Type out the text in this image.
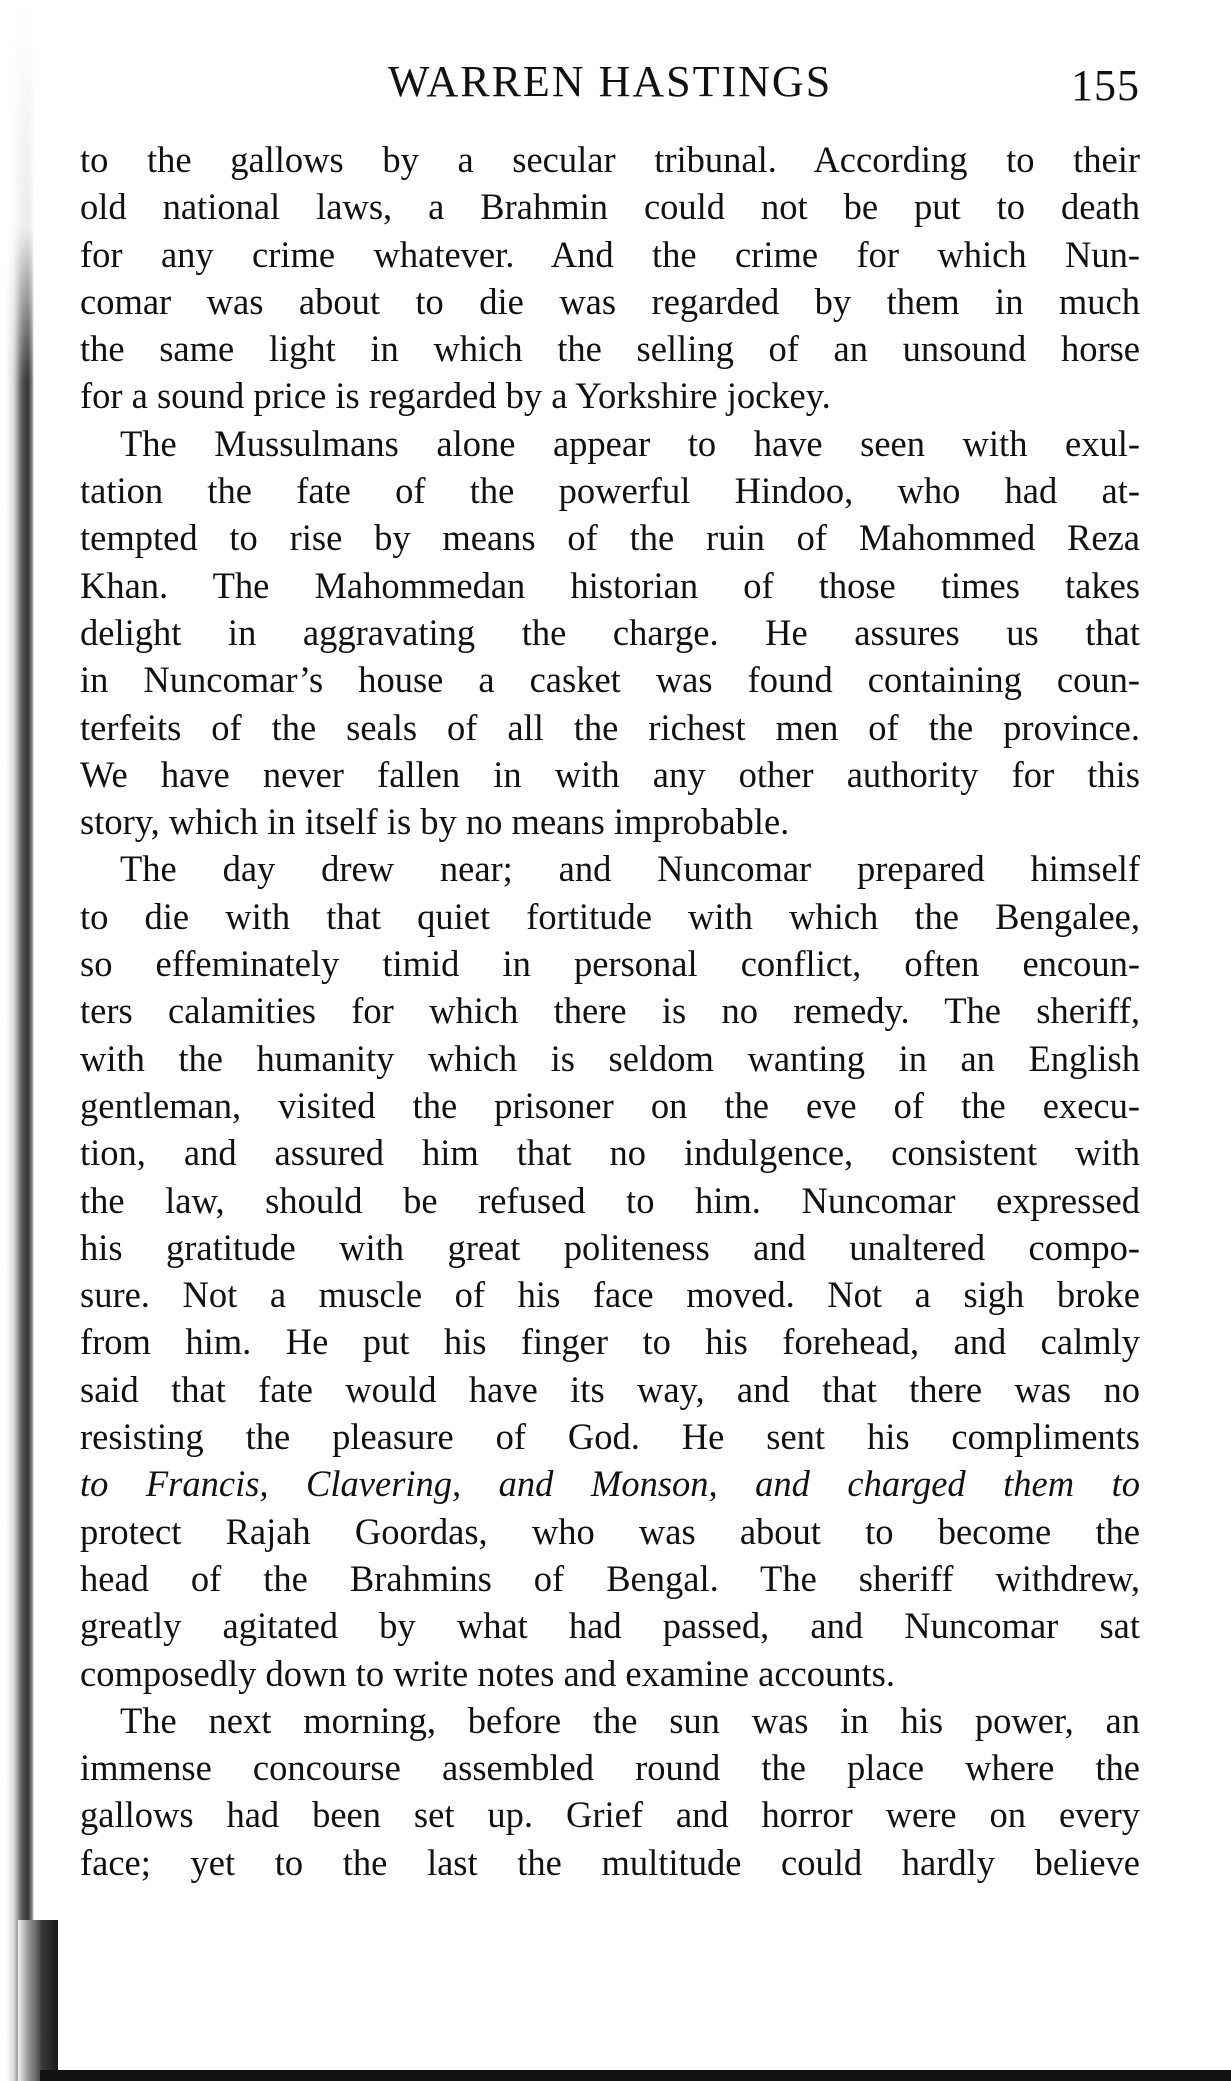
WARREN HASTINGS	155
to the gallows by a secular tribunal. According to their
old national laws, a Brahmin could not be put to death
for any crime whatever. And the crime for which Nun-
comar was about to die was regarded by them in much
the same light in which the selling of an unsound horse
for a sound price is regarded by a Yorkshire jockey.
The Mussulmans alone appear to have seen with exul-
tation the fate of the powerful Hindoo, who had at-
tempted to rise by means of the ruin of Mahommed Reza
Khan. The Mahommedan historian of those times takes
delight in aggravating the charge. He assures us that
in Nuncomar’s house a casket was found containing coun-
terfeits of the seals of all the richest men of the province.
We have never fallen in with any other authority for this
story, which in itself is by no means improbable.
The day drew near; and Nuncomar prepared himself
to die with that quiet fortitude with which the Bengalee,
so effeminately timid in personal conflict, often encoun-
ters calamities for which there is no remedy. The sheriff,
with the humanity which is seldom wanting in an English
gentleman, visited the prisoner on the eve of the execu-
tion, and assured him that no indulgence, consistent with
the law, should be refused to him. Nuncomar expressed
his gratitude with great politeness and unaltered compo-
sure. Not a muscle of his face moved. Not a sigh broke
from him. He put his finger to his forehead, and calmly
said that fate would have its way, and that there was no
resisting the pleasure of God. He sent his compliments
to Francis, Clavering, and Monson, and charged them to
protect Rajah Goordas, who was about to become the
head of the Brahmins of Bengal. The sheriff withdrew,
greatly agitated by what had passed, and Nuncomar sat
composedly down to write notes and examine accounts.
The next morning, before the sun was in his power, an
immense concourse assembled round the place where the
gallows had been set up. Grief and horror were on every
face; yet to the last the multitude could hardly believe
